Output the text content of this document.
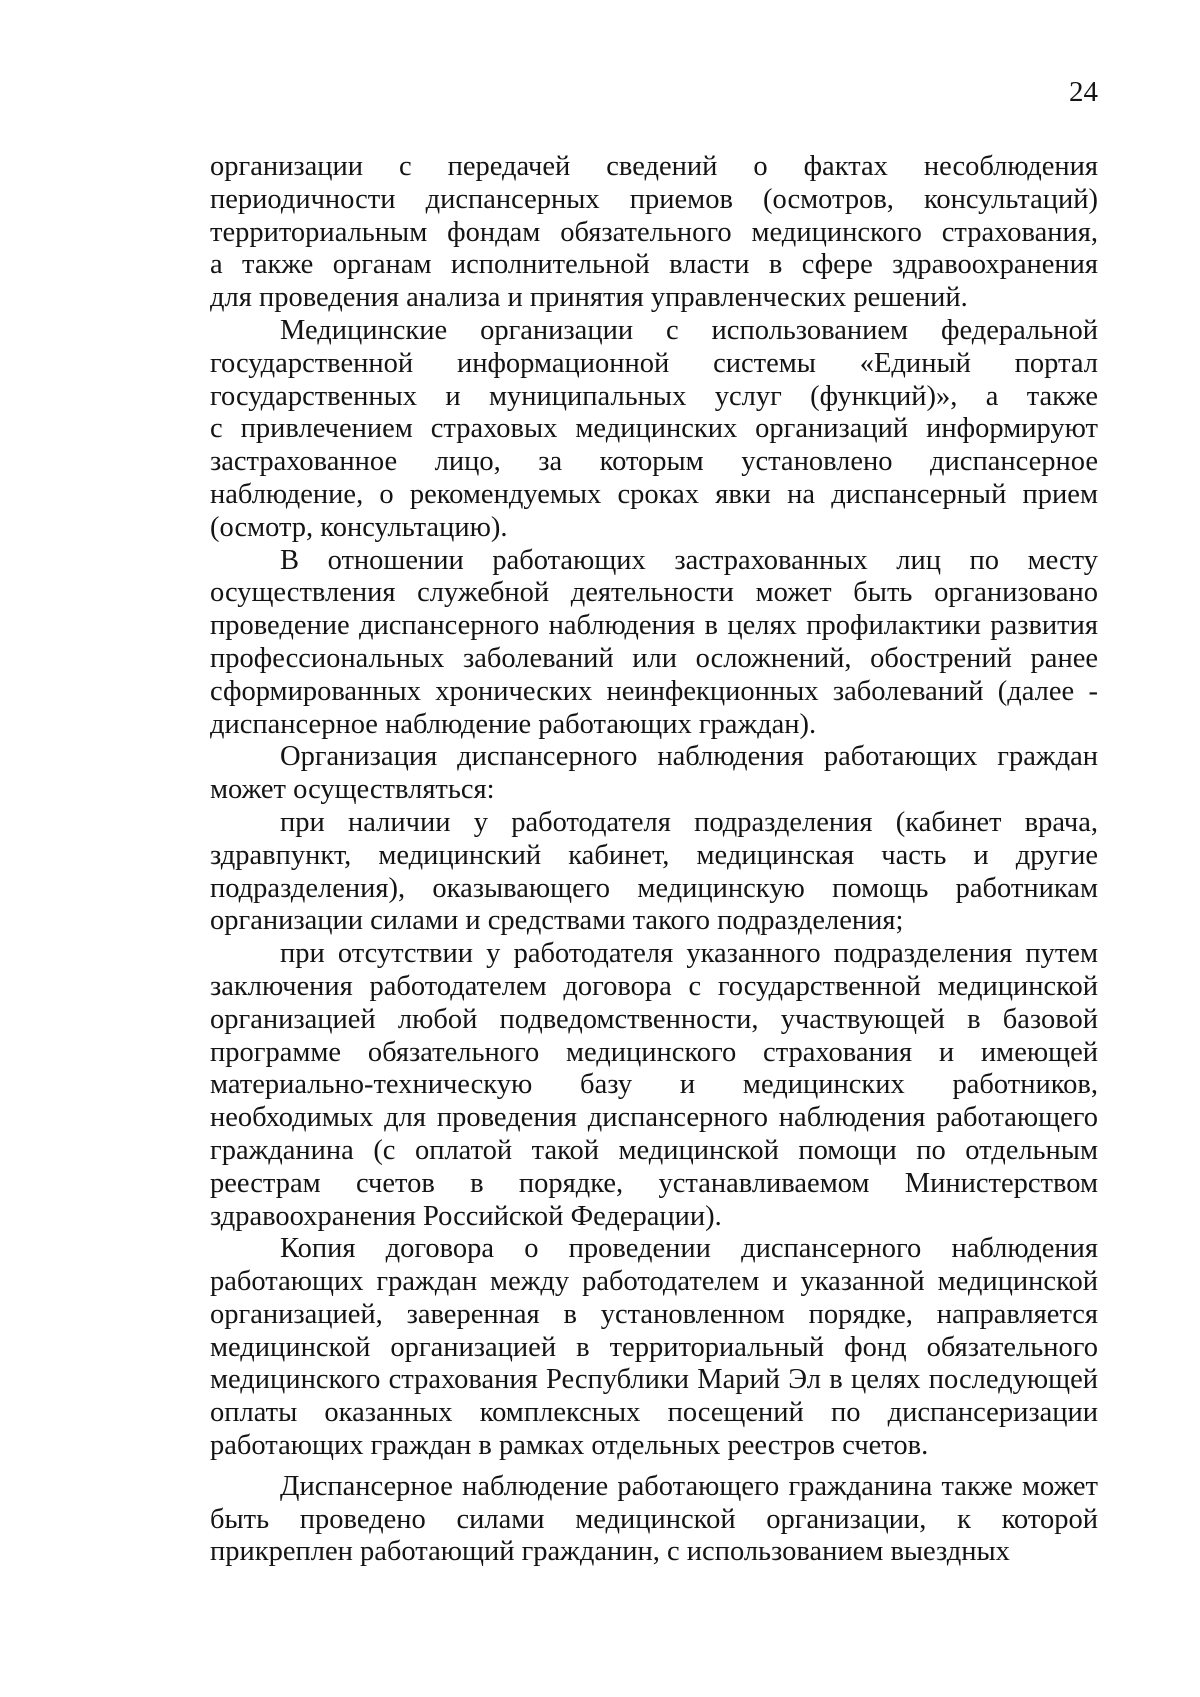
24
организации с передачей сведений о фактах несоблюдения
периодичности диспансерных приемов (осмотров, консультаций)
территориальным фондам обязательного медицинского страхования,
а также органам исполнительной власти в сфере здравоохранения
для проведения анализа и принятия управленческих решений.
Медицинские организации с использованием федеральной
государственной информационной системы «Единый портал
государственных и муниципальных услуг (функций)», а также
с привлечением страховых медицинских организаций информируют
застрахованное лицо, за которым установлено диспансерное
наблюдение, о рекомендуемых сроках явки на диспансерный прием
(осмотр, консультацию).
В отношении работающих застрахованных лиц по месту
осуществления служебной деятельности может быть организовано
проведение диспансерного наблюдения в целях профилактики развития
профессиональных заболеваний или осложнений, обострений ранее
сформированных хронических неинфекционных заболеваний (далее -
диспансерное наблюдение работающих граждан).
Организация диспансерного наблюдения работающих граждан
может осуществляться:
при наличии у работодателя подразделения (кабинет врача,
здравпункт, медицинский кабинет, медицинская часть и другие
подразделения), оказывающего медицинскую помощь работникам
организации силами и средствами такого подразделения;
при отсутствии у работодателя указанного подразделения путем
заключения работодателем договора с государственной медицинской
организацией любой подведомственности, участвующей в базовой
программе обязательного медицинского страхования и имеющей
материально-техническую базу и медицинских работников,
необходимых для проведения диспансерного наблюдения работающего
гражданина (с оплатой такой медицинской помощи по отдельным
реестрам счетов в порядке, устанавливаемом Министерством
здравоохранения Российской Федерации).
Копия договора о проведении диспансерного наблюдения
работающих граждан между работодателем и указанной медицинской
организацией, заверенная в установленном порядке, направляется
медицинской организацией в территориальный фонд обязательного
медицинского страхования Республики Марий Эл в целях последующей
оплаты оказанных комплексных посещений по диспансеризации
работающих граждан в рамках отдельных реестров счетов.
Диспансерное наблюдение работающего гражданина также может
быть проведено силами медицинской организации, к которой
прикреплен работающий гражданин, с использованием выездных
